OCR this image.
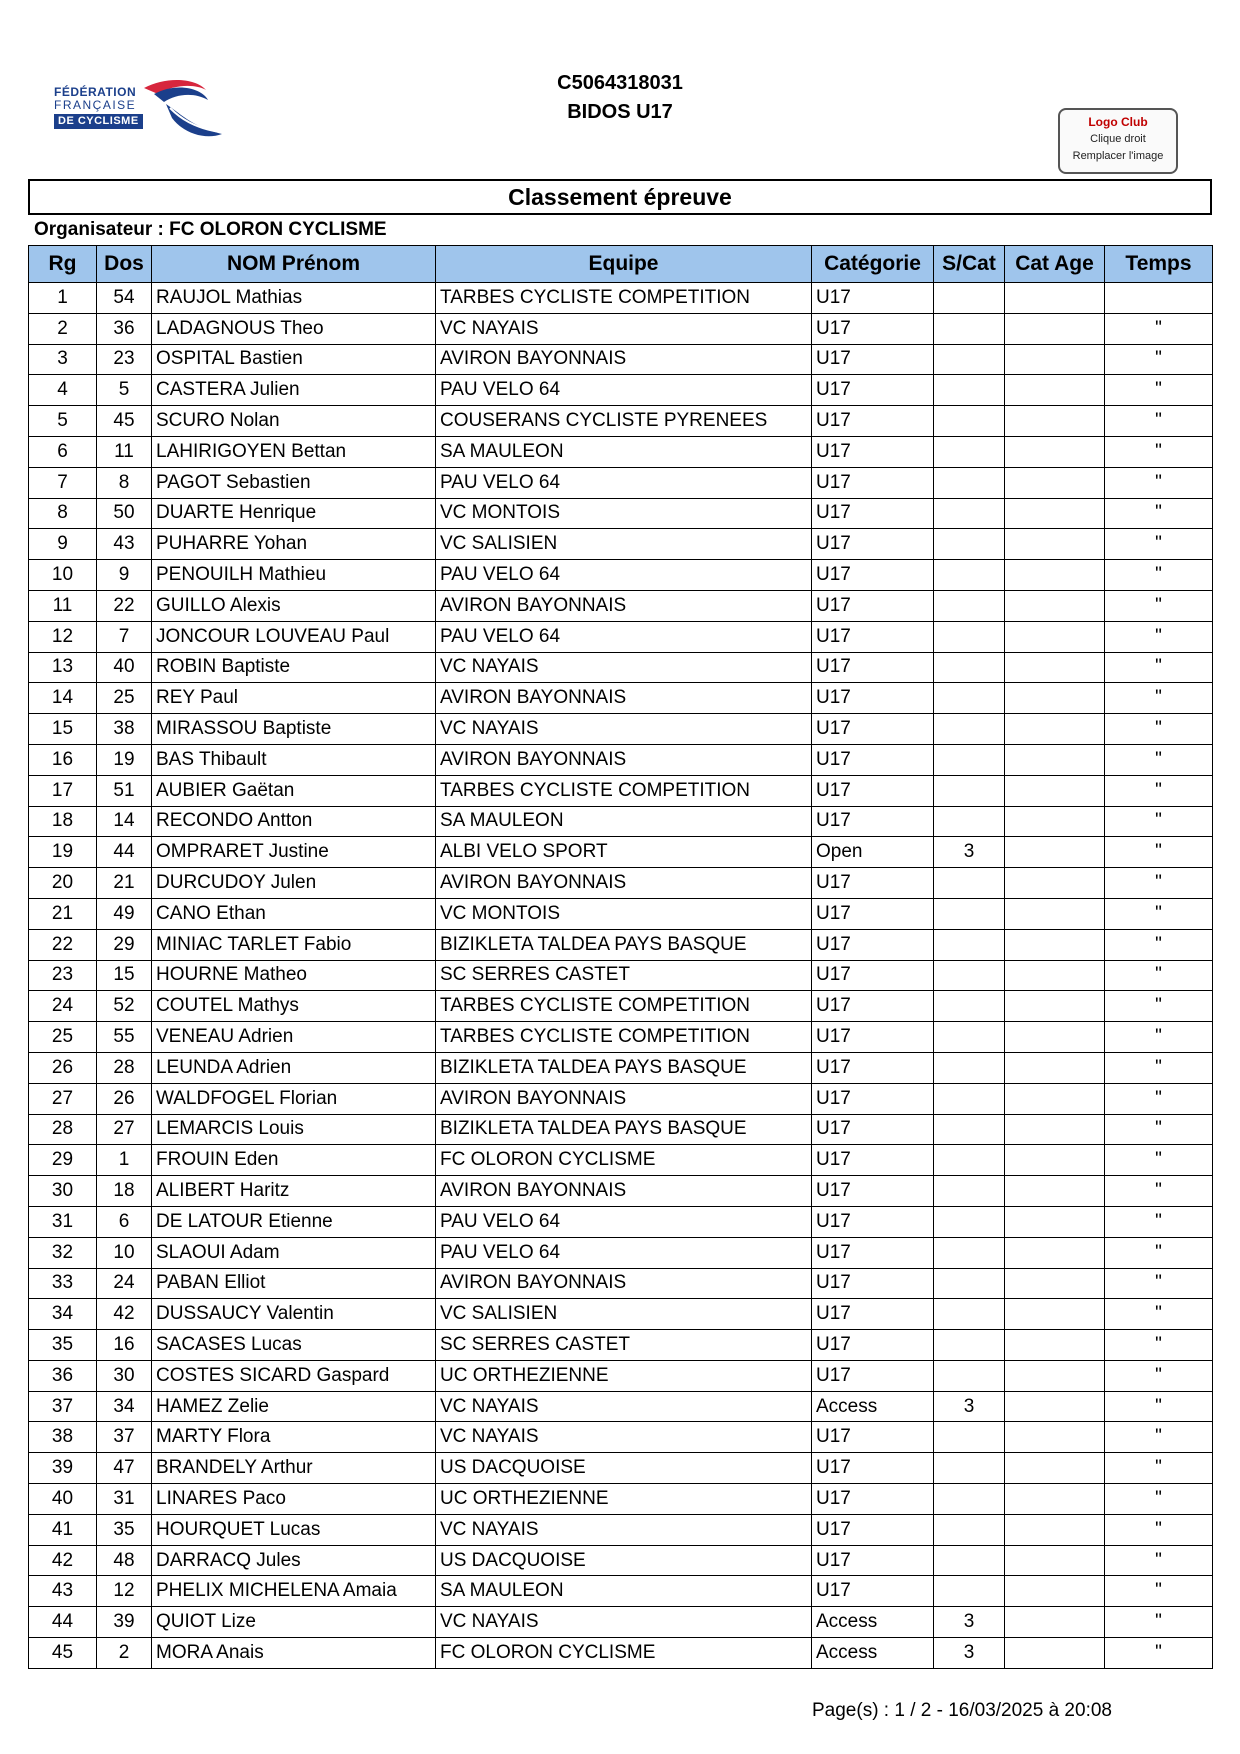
FÉDÉRATION
FRANÇAISE
DE CYCLISME
C5064318031
BIDOS U17	Logo Club
Clique droit
Remplacer l'image
Classement épreuve
Organisateur : FC OLORON CYCLISME
Rg	Dos	NOM Prénom	Equipe	Catégorie	S/Cat	Cat Age	Temps
1	54	RAUJOL Mathias	TARBES CYCLISTE COMPETITION	U17			
2	36	LADAGNOUS Theo	VC NAYAIS	U17			"
3	23	OSPITAL Bastien	AVIRON BAYONNAIS	U17			"
4	5	CASTERA Julien	PAU VELO 64	U17			"
5	45	SCURO Nolan	COUSERANS CYCLISTE PYRENEES	U17			"
6	11	LAHIRIGOYEN Bettan	SA MAULEON	U17			"
7	8	PAGOT Sebastien	PAU VELO 64	U17			"
8	50	DUARTE Henrique	VC MONTOIS	U17			"
9	43	PUHARRE Yohan	VC SALISIEN	U17			"
10	9	PENOUILH Mathieu	PAU VELO 64	U17			"
11	22	GUILLO Alexis	AVIRON BAYONNAIS	U17			"
12	7	JONCOUR LOUVEAU Paul	PAU VELO 64	U17			"
13	40	ROBIN Baptiste	VC NAYAIS	U17			"
14	25	REY Paul	AVIRON BAYONNAIS	U17			"
15	38	MIRASSOU Baptiste	VC NAYAIS	U17			"
16	19	BAS Thibault	AVIRON BAYONNAIS	U17			"
17	51	AUBIER Gaëtan	TARBES CYCLISTE COMPETITION	U17			"
18	14	RECONDO Antton	SA MAULEON	U17			"
19	44	OMPRARET Justine	ALBI VELO SPORT	Open	3		"
20	21	DURCUDOY Julen	AVIRON BAYONNAIS	U17			"
21	49	CANO Ethan	VC MONTOIS	U17			"
22	29	MINIAC TARLET Fabio	BIZIKLETA TALDEA PAYS BASQUE	U17			"
23	15	HOURNE Matheo	SC SERRES CASTET	U17			"
24	52	COUTEL Mathys	TARBES CYCLISTE COMPETITION	U17			"
25	55	VENEAU Adrien	TARBES CYCLISTE COMPETITION	U17			"
26	28	LEUNDA Adrien	BIZIKLETA TALDEA PAYS BASQUE	U17			"
27	26	WALDFOGEL Florian	AVIRON BAYONNAIS	U17			"
28	27	LEMARCIS Louis	BIZIKLETA TALDEA PAYS BASQUE	U17			"
29	1	FROUIN Eden	FC OLORON CYCLISME	U17			"
30	18	ALIBERT Haritz	AVIRON BAYONNAIS	U17			"
31	6	DE LATOUR Etienne	PAU VELO 64	U17			"
32	10	SLAOUI Adam	PAU VELO 64	U17			"
33	24	PABAN Elliot	AVIRON BAYONNAIS	U17			"
34	42	DUSSAUCY Valentin	VC SALISIEN	U17			"
35	16	SACASES Lucas	SC SERRES CASTET	U17			"
36	30	COSTES SICARD Gaspard	UC ORTHEZIENNE	U17			"
37	34	HAMEZ Zelie	VC NAYAIS	Access	3		"
38	37	MARTY Flora	VC NAYAIS	U17			"
39	47	BRANDELY Arthur	US DACQUOISE	U17			"
40	31	LINARES Paco	UC ORTHEZIENNE	U17			"
41	35	HOURQUET Lucas	VC NAYAIS	U17			"
42	48	DARRACQ Jules	US DACQUOISE	U17			"
43	12	PHELIX MICHELENA Amaia	SA MAULEON	U17			"
44	39	QUIOT Lize	VC NAYAIS	Access	3		"
45	2	MORA Anais	FC OLORON CYCLISME	Access	3		"
Page(s) : 1 / 2 - 16/03/2025 à 20:08
